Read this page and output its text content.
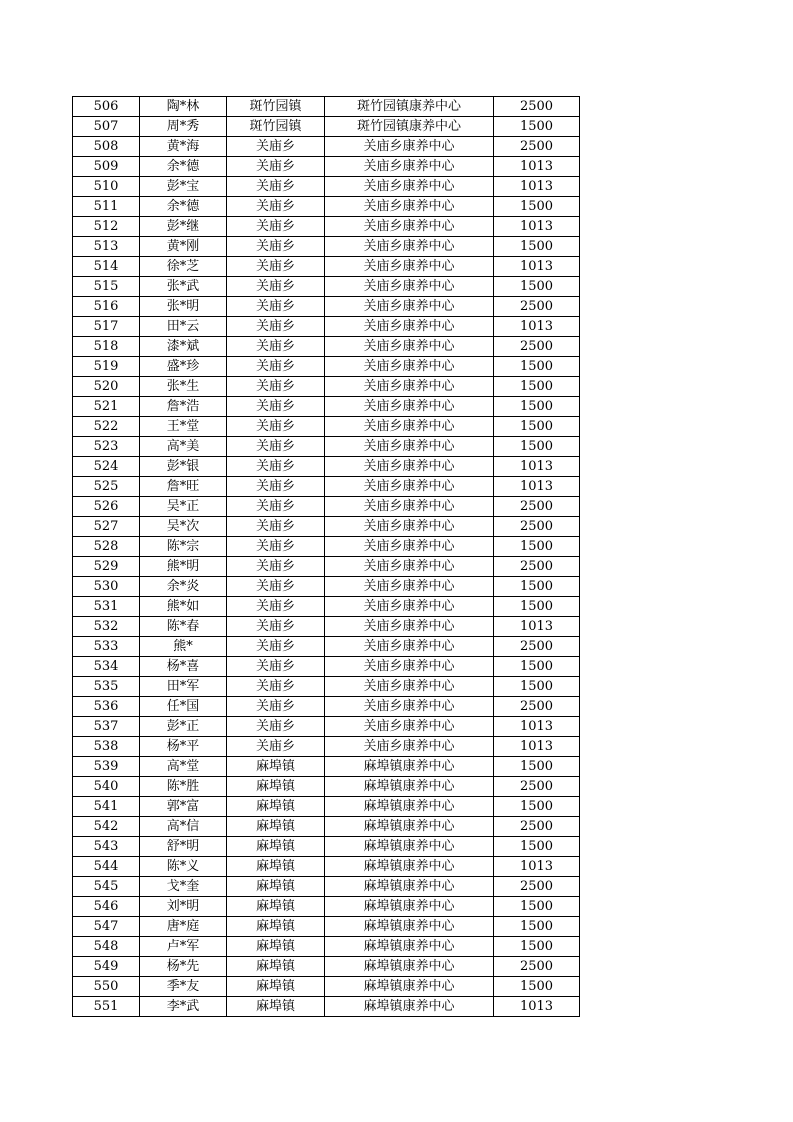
506	陶*林	斑竹园镇	斑竹园镇康养中心	2500
507	周*秀	斑竹园镇	斑竹园镇康养中心	1500
508	黄*海	关庙乡	关庙乡康养中心	2500
509	余*德	关庙乡	关庙乡康养中心	1013
510	彭*宝	关庙乡	关庙乡康养中心	1013
511	余*德	关庙乡	关庙乡康养中心	1500
512	彭*继	关庙乡	关庙乡康养中心	1013
513	黄*刚	关庙乡	关庙乡康养中心	1500
514	徐*芝	关庙乡	关庙乡康养中心	1013
515	张*武	关庙乡	关庙乡康养中心	1500
516	张*明	关庙乡	关庙乡康养中心	2500
517	田*云	关庙乡	关庙乡康养中心	1013
518	漆*斌	关庙乡	关庙乡康养中心	2500
519	盛*珍	关庙乡	关庙乡康养中心	1500
520	张*生	关庙乡	关庙乡康养中心	1500
521	詹*浩	关庙乡	关庙乡康养中心	1500
522	王*堂	关庙乡	关庙乡康养中心	1500
523	高*美	关庙乡	关庙乡康养中心	1500
524	彭*银	关庙乡	关庙乡康养中心	1013
525	詹*旺	关庙乡	关庙乡康养中心	1013
526	吴*正	关庙乡	关庙乡康养中心	2500
527	吴*次	关庙乡	关庙乡康养中心	2500
528	陈*宗	关庙乡	关庙乡康养中心	1500
529	熊*明	关庙乡	关庙乡康养中心	2500
530	余*炎	关庙乡	关庙乡康养中心	1500
531	熊*如	关庙乡	关庙乡康养中心	1500
532	陈*春	关庙乡	关庙乡康养中心	1013
533	熊*	关庙乡	关庙乡康养中心	2500
534	杨*喜	关庙乡	关庙乡康养中心	1500
535	田*军	关庙乡	关庙乡康养中心	1500
536	任*国	关庙乡	关庙乡康养中心	2500
537	彭*正	关庙乡	关庙乡康养中心	1013
538	杨*平	关庙乡	关庙乡康养中心	1013
539	高*堂	麻埠镇	麻埠镇康养中心	1500
540	陈*胜	麻埠镇	麻埠镇康养中心	2500
541	郭*富	麻埠镇	麻埠镇康养中心	1500
542	高*信	麻埠镇	麻埠镇康养中心	2500
543	舒*明	麻埠镇	麻埠镇康养中心	1500
544	陈*义	麻埠镇	麻埠镇康养中心	1013
545	戈*奎	麻埠镇	麻埠镇康养中心	2500
546	刘*明	麻埠镇	麻埠镇康养中心	1500
547	唐*庭	麻埠镇	麻埠镇康养中心	1500
548	卢*军	麻埠镇	麻埠镇康养中心	1500
549	杨*先	麻埠镇	麻埠镇康养中心	2500
550	季*友	麻埠镇	麻埠镇康养中心	1500
551	李*武	麻埠镇	麻埠镇康养中心	1013
